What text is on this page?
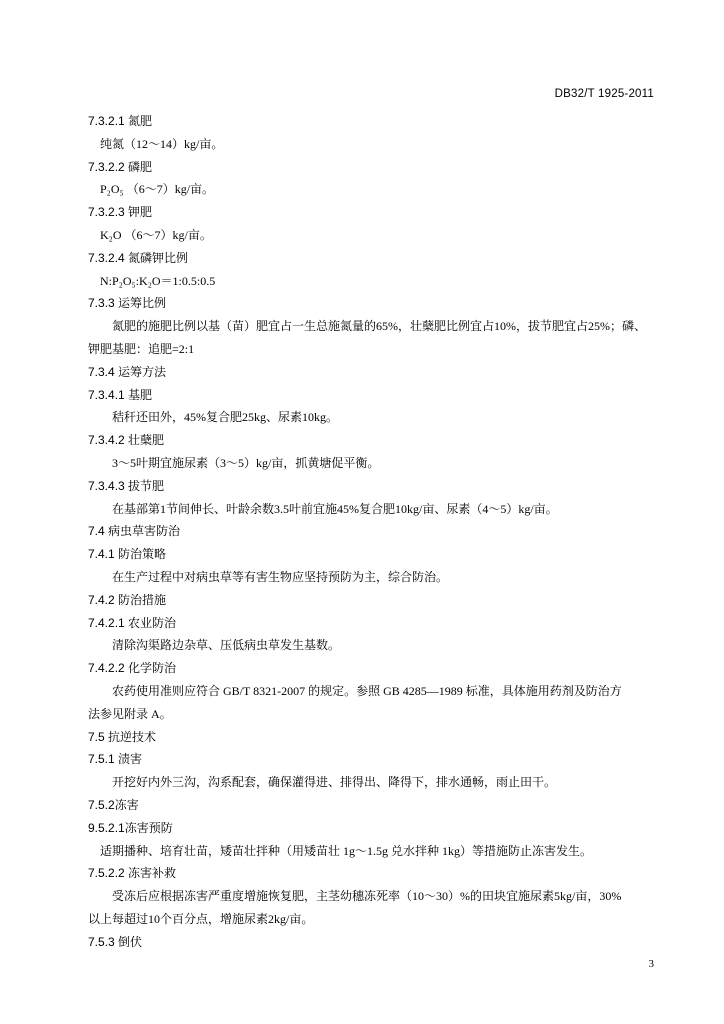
DB32/T 1925-2011
7.3.2.1 氮肥
纯氮（12～14）kg/亩。
7.3.2.2 磷肥
P₂O₅ （6～7）kg/亩。
7.3.2.3 钾肥
K₂O （6～7）kg/亩。
7.3.2.4 氮磷钾比例
N:P₂O₅:K₂O＝1:0.5:0.5
7.3.3 运筹比例
氮肥的施肥比例以基（苗）肥宜占一生总施氮量的65%，壮蘖肥比例宜占10%，拔节肥宜占25%；磷、
钾肥基肥：追肥=2:1
7.3.4 运筹方法
7.3.4.1 基肥
秸秆还田外，45%复合肥25kg、尿素10kg。
7.3.4.2 壮蘖肥
3～5叶期宜施尿素（3～5）kg/亩，抓黄塘促平衡。
7.3.4.3 拔节肥
在基部第1节间伸长、叶龄余数3.5叶前宜施45%复合肥10kg/亩、尿素（4～5）kg/亩。
7.4 病虫草害防治
7.4.1 防治策略
在生产过程中对病虫草等有害生物应坚持预防为主，综合防治。
7.4.2 防治措施
7.4.2.1 农业防治
清除沟渠路边杂草、压低病虫草发生基数。
7.4.2.2 化学防治
农药使用准则应符合 GB/T 8321-2007 的规定。参照 GB 4285—1989 标准，具体施用药剂及防治方
法参见附录 A。
7.5 抗逆技术
7.5.1 渍害
开挖好内外三沟，沟系配套，确保灌得进、排得出、降得下，排水通畅，雨止田干。
7.5.2冻害
9.5.2.1冻害预防
适期播种、培育壮苗，矮苗壮拌种（用矮苗壮 1g～1.5g 兑水拌种 1kg）等措施防止冻害发生。
7.5.2.2 冻害补救
受冻后应根据冻害严重度增施恢复肥，主茎幼穗冻死率（10～30）%的田块宜施尿素5kg/亩，30%
以上每超过10个百分点，增施尿素2kg/亩。
7.5.3 倒伏
3
